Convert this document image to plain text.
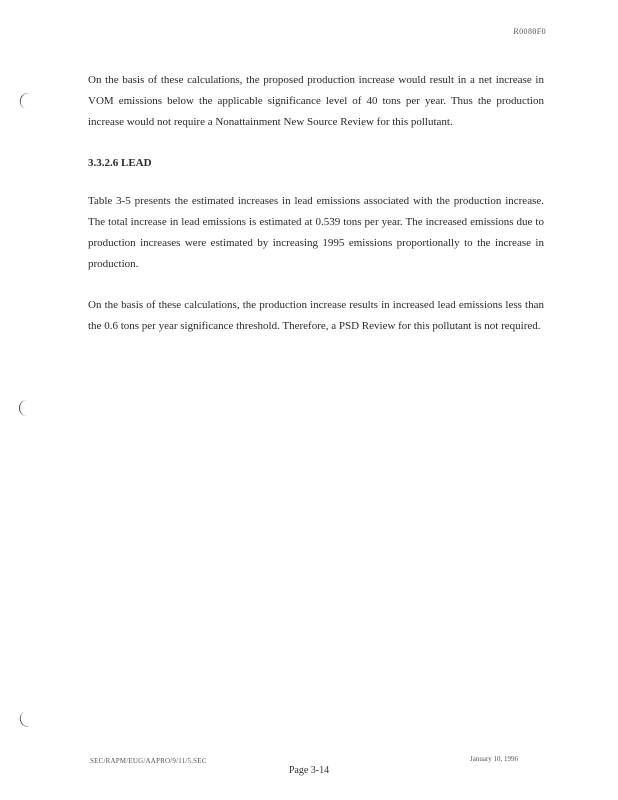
R0080F0

On the basis of these calculations, the proposed production increase would result in a net increase in VOM emissions below the applicable significance level of 40 tons per year. Thus the production increase would not require a Nonattainment New Source Review for this pollutant.

3.3.2.6 LEAD

Table 3-5 presents the estimated increases in lead emissions associated with the production increase. The total increase in lead emissions is estimated at 0.539 tons per year. The increased emissions due to production increases were estimated by increasing 1995 emissions proportionally to the increase in production.

On the basis of these calculations, the production increase results in increased lead emissions less than the 0.6 tons per year significance threshold. Therefore, a PSD Review for this pollutant is not required.

SEC/RAPM/EUG/AAPRO/9/11/5.SEC	January 10, 1996
Page 3-14
